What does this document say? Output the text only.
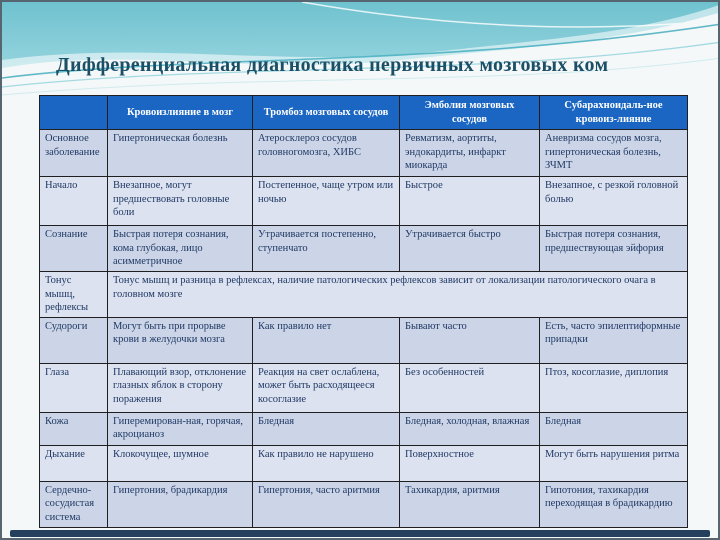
Дифференциальная диагностика первичных мозговых ком
	Кровоизлияние в мозг	Тромбоз мозговых сосудов	Эмболия мозговых сосудов	Субарахноидаль-ное кровоиз-лияние
Основное заболевание	Гипертоническая болезнь	Атеросклероз сосудов головногомозга, ХИБС	Ревматизм, аортиты, эндокардиты, инфаркт миокарда	Аневризма сосудов мозга, гипертоническая болезнь, ЗЧМТ
Начало	Внезапное, могут предшествовать головные боли	Постепенное, чаще утром или ночью	Быстрое	Внезапное, с резкой головной болью
Сознание	Быстрая потеря сознания, кома глубокая, лицо асимметричное	Утрачивается постепенно, ступенчато	Утрачивается быстро	Быстрая потеря сознания, предшествующая эйфория
Тонус мышц, рефлексы	Тонус мышц и разница в рефлексах, наличие патологических рефлексов зависит от локализации патологического очага в головном мозге			
Судороги	Могут быть при прорыве крови в желудочки мозга	Как правило нет	Бывают часто	Есть, часто эпилептиформные припадки
Глаза	Плавающий взор, отклонение глазных яблок в сторону поражения	Реакция на свет ослаблена, может быть расходящееся косоглазие	Без особенностей	Птоз, косоглазие, диплопия
Кожа	Гиперемирован-ная, горячая, акроцианоз	Бледная	Бледная, холодная, влажная	Бледная
Дыхание	Клокочущее, шумное	Как правило не нарушено	Поверхностное	Могут быть нарушения ритма
Сердечно-сосудистая система	Гипертония, брадикардия	Гипертония, часто аритмия	Тахикардия, аритмия	Гипотония, тахикардия переходящая в брадикардию
